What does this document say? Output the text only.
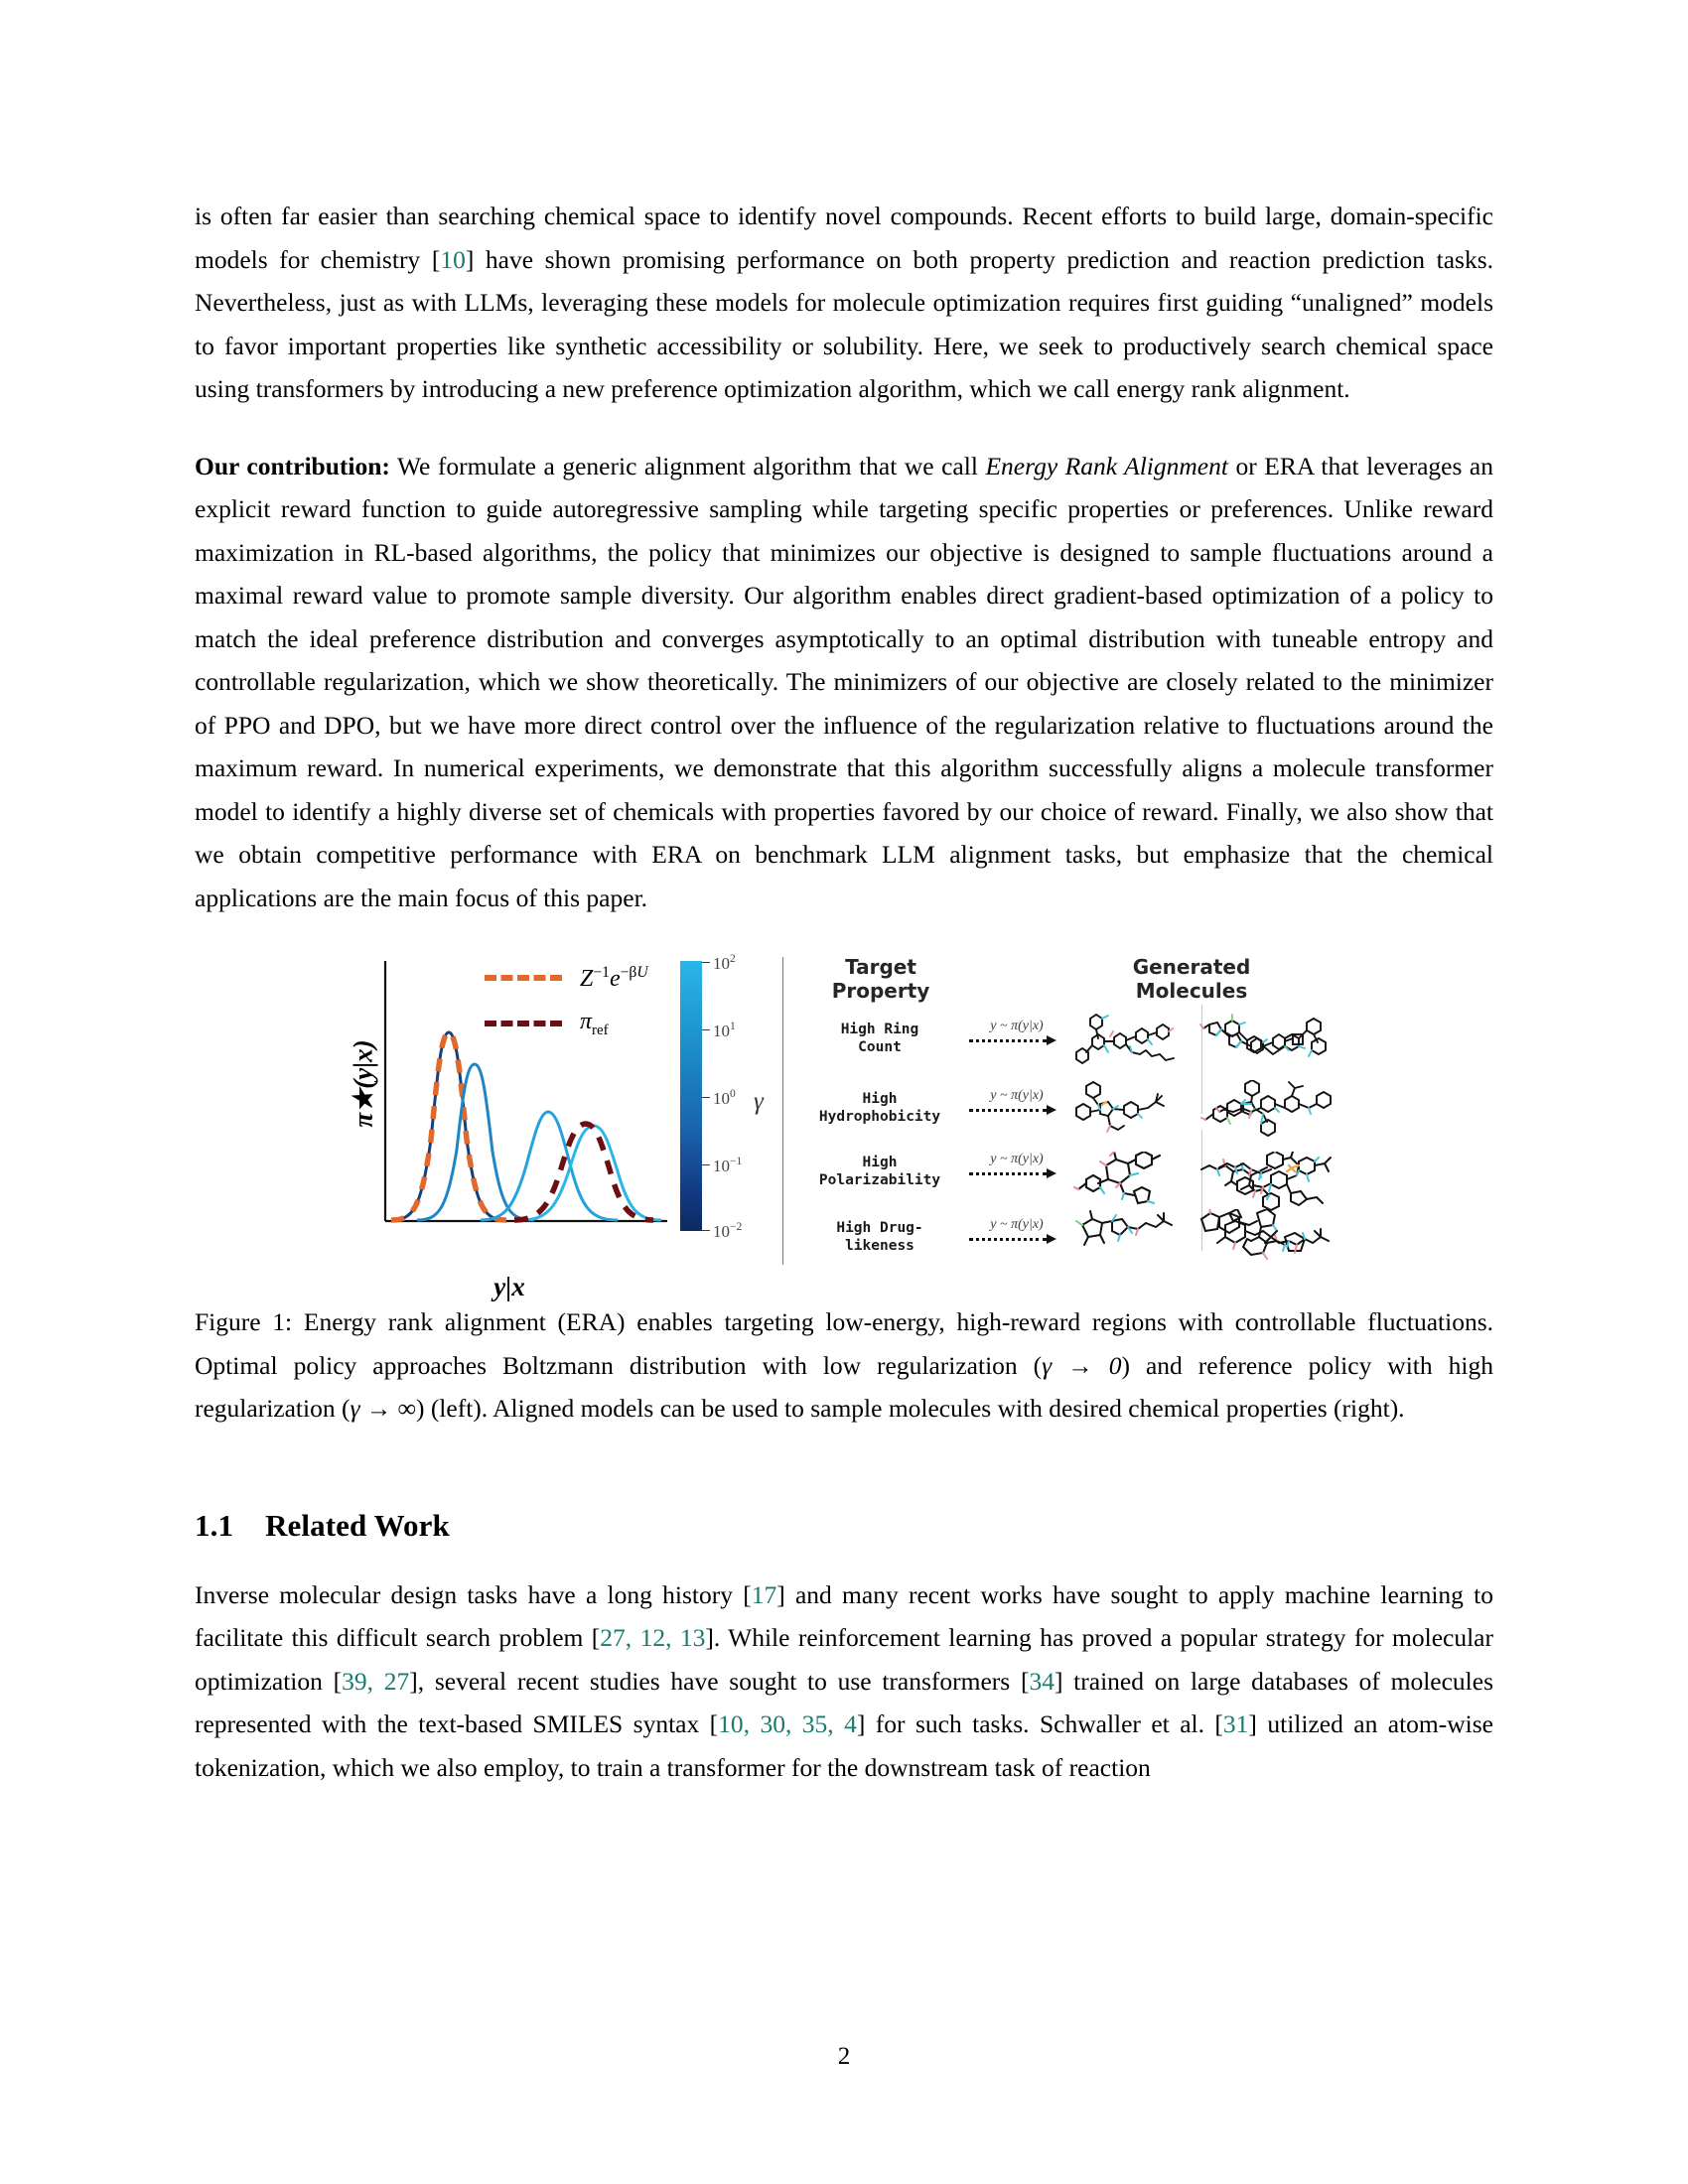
is often far easier than searching chemical space to identify novel compounds. Recent efforts to build large, domain-specific models for chemistry [10] have shown promising performance on both property prediction and reaction prediction tasks. Nevertheless, just as with LLMs, leveraging these models for molecule optimization requires first guiding “unaligned” models to favor important properties like synthetic accessibility or solubility. Here, we seek to productively search chemical space using transformers by introducing a new preference optimization algorithm, which we call energy rank alignment.

Our contribution: We formulate a generic alignment algorithm that we call Energy Rank Alignment or ERA that leverages an explicit reward function to guide autoregressive sampling while targeting specific properties or preferences. Unlike reward maximization in RL-based algorithms, the policy that minimizes our objective is designed to sample fluctuations around a maximal reward value to promote sample diversity. Our algorithm enables direct gradient-based optimization of a policy to match the ideal preference distribution and converges asymptotically to an optimal distribution with tuneable entropy and controllable regularization, which we show theoretically. The minimizers of our objective are closely related to the minimizer of PPO and DPO, but we have more direct control over the influence of the regularization relative to fluctuations around the maximum reward. In numerical experiments, we demonstrate that this algorithm successfully aligns a molecule transformer model to identify a highly diverse set of chemicals with properties favored by our choice of reward. Finally, we also show that we obtain competitive performance with ERA on benchmark LLM alignment tasks, but emphasize that the chemical applications are the main focus of this paper.

π★(y|x)
y|x
$Z^{-1}e^{-\beta U}$
$\pi_{ref}$
$10^2$
$10^1$
$10^0$
$10^{-1}$
$10^{-2}$
γ
Target
Property
Generated
Molecules
High Ring
Count
y ~ π(y|x)
High
Hydrophobicity
y ~ π(y|x)
High
Polarizability
y ~ π(y|x)
High Drug-
likeness
y ~ π(y|x)

Figure 1: Energy rank alignment (ERA) enables targeting low-energy, high-reward regions with controllable fluctuations. Optimal policy approaches Boltzmann distribution with low regularization (γ → 0) and reference policy with high regularization (γ → ∞) (left). Aligned models can be used to sample molecules with desired chemical properties (right).

1.1 Related Work

Inverse molecular design tasks have a long history [17] and many recent works have sought to apply machine learning to facilitate this difficult search problem [27, 12, 13]. While reinforcement learning has proved a popular strategy for molecular optimization [39, 27], several recent studies have sought to use transformers [34] trained on large databases of molecules represented with the text-based SMILES syntax [10, 30, 35, 4] for such tasks. Schwaller et al. [31] utilized an atom-wise tokenization, which we also employ, to train a transformer for the downstream task of reaction

2
